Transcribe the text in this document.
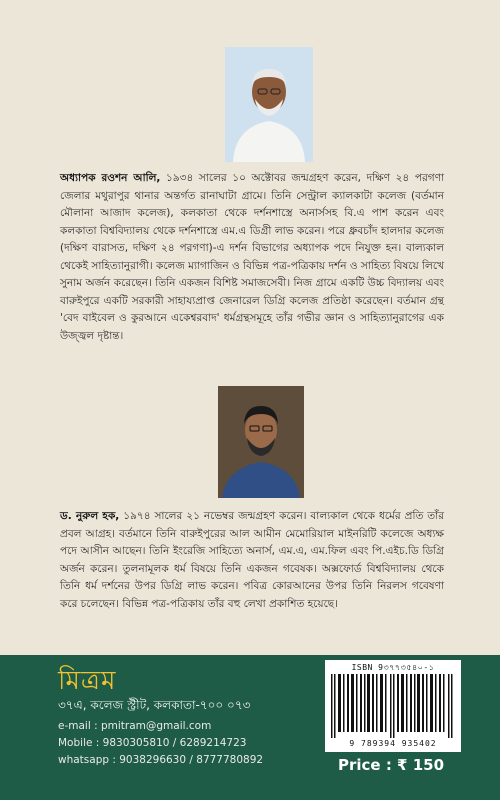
অধ্যাপক রওশন আলি, ১৯৩৪ সালের ১০ অক্টোবর জন্মগ্রহণ করেন, দক্ষিণ ২৪ পরগণা জেলার মথুরাপুর থানার অন্তর্গত রানাঘাটা গ্রামে। তিনি সেন্ট্রাল ক্যালকাটা কলেজ (বর্তমান মৌলানা আজাদ কলেজ), কলকাতা থেকে দর্শনশাস্ত্রে অনার্সসহ বি.এ পাশ করেন এবং কলকাতা বিশ্ববিদ্যালয় থেকে দর্শনশাস্ত্রে এম.এ ডিগ্রী লাভ করেন। পরে ধ্রুবচাঁদ হালদার কলেজ (দক্ষিণ বারাসত, দক্ষিণ ২৪ পরগণা)-এ দর্শন বিভাগের অধ্যাপক পদে নিযুক্ত হন। বাল্যকাল থেকেই সাহিত্যানুরাগী। কলেজ ম্যাগাজিন ও বিভিন্ন পত্র-পত্রিকায় দর্শন ও সাহিত্য বিষয়ে লিখে সুনাম অর্জন করেছেন। তিনি একজন বিশিষ্ট সমাজসেবী। নিজ গ্রামে একটি উচ্চ বিদ্যালয় এবং বারুইপুরে একটি সরকারী সাহায্যপ্রাপ্ত জেনারেল ডিগ্রি কলেজ প্রতিষ্ঠা করেছেন। বর্তমান গ্রন্থ 'বেদ বাইবেল ও কুরআনে একেশ্বরবাদ' ধর্মগ্রন্থসমূহে তাঁর গভীর জ্ঞান ও সাহিত্যানুরাগের এক উজ্জ্বল দৃষ্টান্ত।

ড. নুরুল হক, ১৯৭৪ সালের ২১ নভেম্বর জন্মগ্রহণ করেন। বাল্যকাল থেকে ধর্মের প্রতি তাঁর প্রবল আগ্রহ। বর্তমানে তিনি বারুইপুরের আল আমীন মেমোরিয়াল মাইনরিটি কলেজে অধ্যক্ষ পদে আসীন আছেন। তিনি ইংরেজি সাহিত্যে অনার্স, এম.এ, এম.ফিল এবং পি.এইচ.ডি ডিগ্রি অর্জন করেন। তুলনামূলক ধর্ম বিষয়ে তিনি একজন গবেষক। অক্সফোর্ড বিশ্ববিদ্যালয় থেকে তিনি ধর্ম দর্শনের উপর ডিগ্রি লাভ করেন। পবিত্র কোরআনের উপর তিনি নিরলস গবেষণা করে চলেছেন। বিভিন্ন পত্র-পত্রিকায় তাঁর বহু লেখা প্রকাশিত হয়েছে।

মিত্রম
৩৭এ, কলেজ স্ট্রীট, কলকাতা-৭০০ ০৭৩
e-mail : pmitram@gmail.com
Mobile : 9830305810 / 6289214723
whatsapp : 9038296630 / 8777780892
ISBN 9৩৭৭৩৫৪০-১
9 789394 935402
Price : ₹ 150
